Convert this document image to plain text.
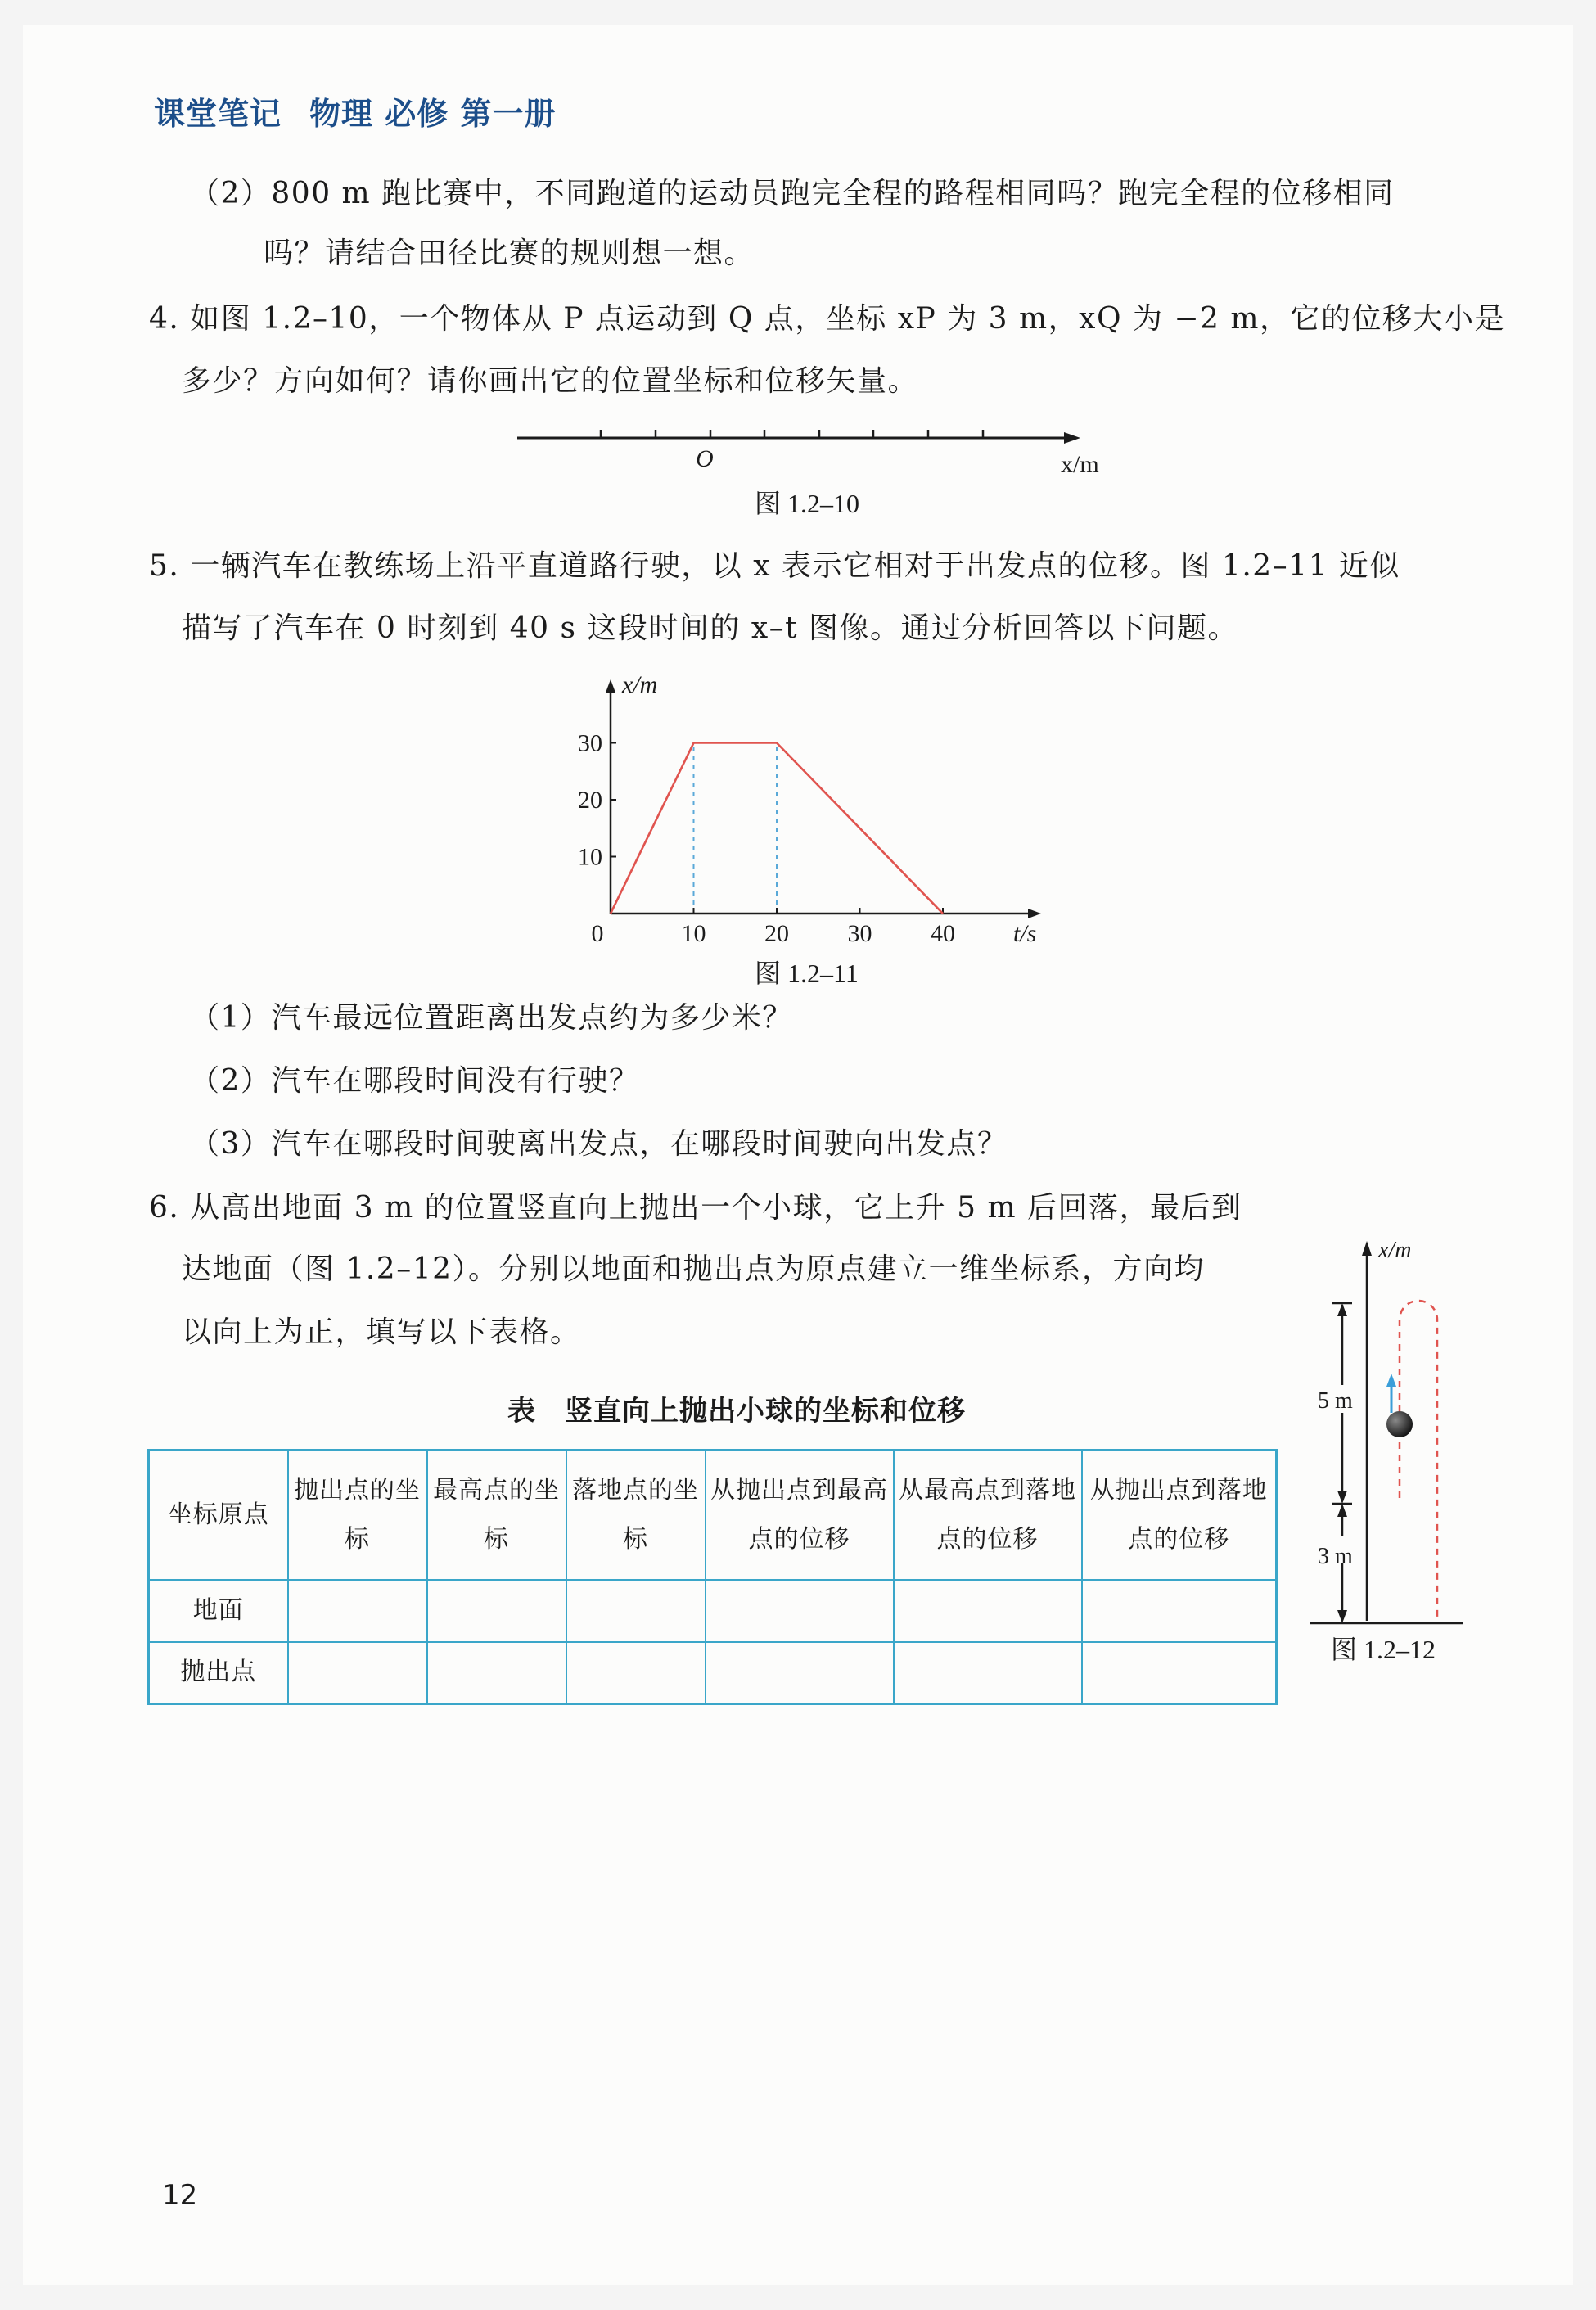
课堂笔记 物理 必修 第一册
（2）800 m 跑比赛中，不同跑道的运动员跑完全程的路程相同吗？跑完全程的位移相同
吗？请结合田径比赛的规则想一想。
4. 如图 1.2–10，一个物体从 P 点运动到 Q 点，坐标 xP 为 3 m，xQ 为 −2 m，它的位移大小是
多少？方向如何？请你画出它的位置坐标和位移矢量。
O	x/m
图 1.2–10
5. 一辆汽车在教练场上沿平直道路行驶，以 x 表示它相对于出发点的位移。图 1.2–11 近似
描写了汽车在 0 时刻到 40 s 这段时间的 x–t 图像。通过分析回答以下问题。
x/m
t/s
10
20
30
0	10 20 30 40
图 1.2–11
（1）汽车最远位置距离出发点约为多少米？
（2）汽车在哪段时间没有行驶？
（3）汽车在哪段时间驶离出发点，在哪段时间驶向出发点？
6. 从高出地面 3 m 的位置竖直向上抛出一个小球，它上升 5 m 后回落，最后到
达地面（图 1.2–12）。分别以地面和抛出点为原点建立一维坐标系，方向均
以向上为正，填写以下表格。
x/m
5 m
3 m
图 1.2–12
表　竖直向上抛出小球的坐标和位移
坐标原点	抛出点的坐标	最高点的坐标	落地点的坐标	从抛出点到最高点的位移	从最高点到落地点的位移	从抛出点到落地点的位移
地面						
抛出点						
12
